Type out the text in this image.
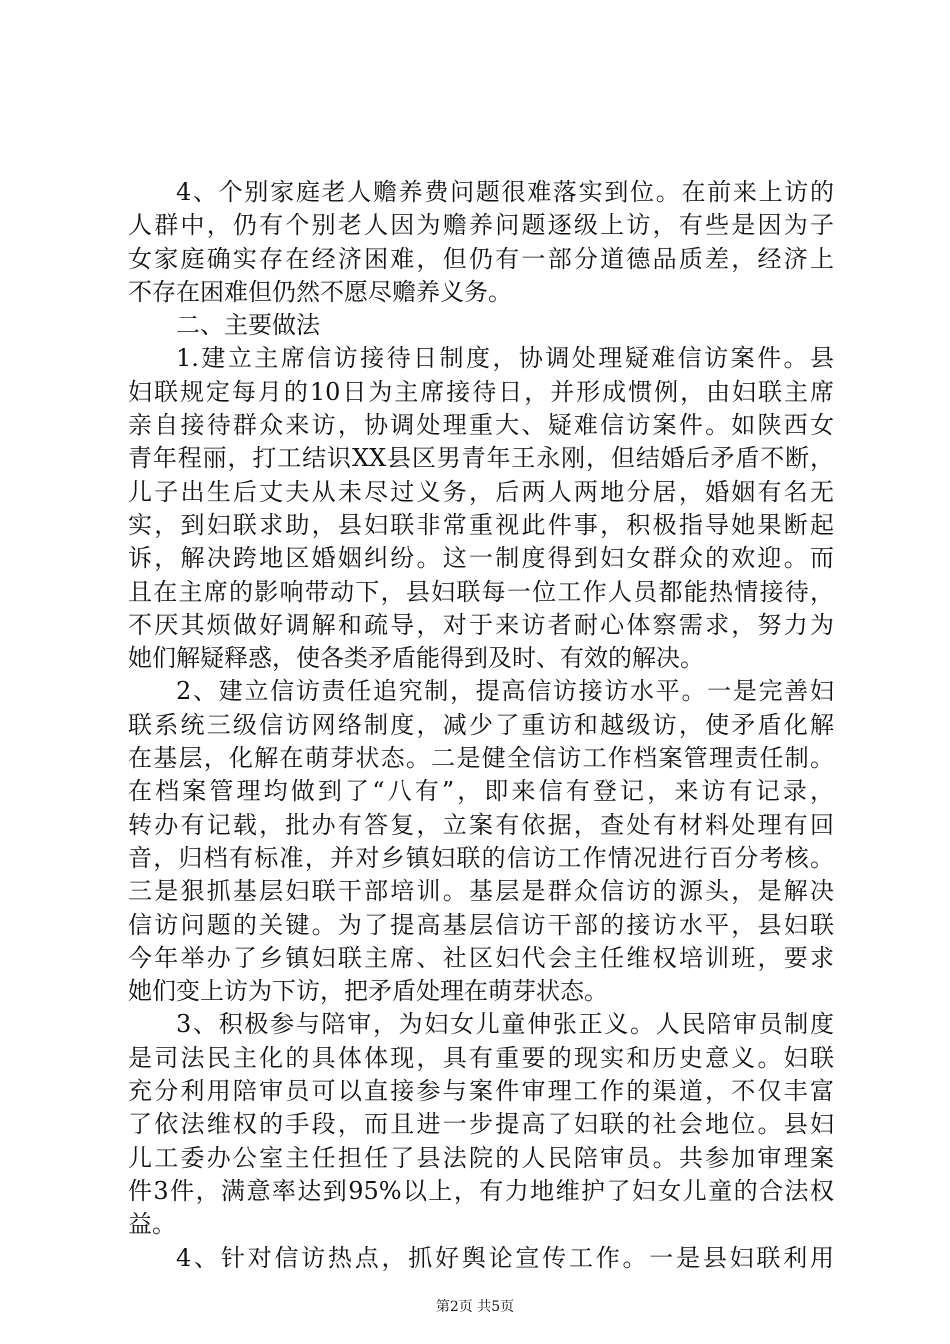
4、个别家庭老人赡养费问题很难落实到位。在前来上访的
人群中，仍有个别老人因为赡养问题逐级上访，有些是因为子
女家庭确实存在经济困难，但仍有一部分道德品质差，经济上
不存在困难但仍然不愿尽赡养义务。
二、主要做法
1.建立主席信访接待日制度，协调处理疑难信访案件。县
妇联规定每月的10日为主席接待日，并形成惯例，由妇联主席
亲自接待群众来访，协调处理重大、疑难信访案件。如陕西女
青年程丽，打工结识XX县区男青年王永刚，但结婚后矛盾不断，
儿子出生后丈夫从未尽过义务，后两人两地分居，婚姻有名无
实，到妇联求助，县妇联非常重视此件事，积极指导她果断起
诉，解决跨地区婚姻纠纷。这一制度得到妇女群众的欢迎。而
且在主席的影响带动下，县妇联每一位工作人员都能热情接待，
不厌其烦做好调解和疏导，对于来访者耐心体察需求，努力为
她们解疑释惑，使各类矛盾能得到及时、有效的解决。
2、建立信访责任追究制，提高信访接访水平。一是完善妇
联系统三级信访网络制度，减少了重访和越级访，使矛盾化解
在基层，化解在萌芽状态。二是健全信访工作档案管理责任制。
在档案管理均做到了“八有”，即来信有登记，来访有记录，
转办有记载，批办有答复，立案有依据，查处有材料处理有回
音，归档有标准，并对乡镇妇联的信访工作情况进行百分考核。
三是狠抓基层妇联干部培训。基层是群众信访的源头，是解决
信访问题的关键。为了提高基层信访干部的接访水平，县妇联
今年举办了乡镇妇联主席、社区妇代会主任维权培训班，要求
她们变上访为下访，把矛盾处理在萌芽状态。
3、积极参与陪审，为妇女儿童伸张正义。人民陪审员制度
是司法民主化的具体体现，具有重要的现实和历史意义。妇联
充分利用陪审员可以直接参与案件审理工作的渠道，不仅丰富
了依法维权的手段，而且进一步提高了妇联的社会地位。县妇
儿工委办公室主任担任了县法院的人民陪审员。共参加审理案
件3件，满意率达到95%以上，有力地维护了妇女儿童的合法权
益。
4、针对信访热点，抓好舆论宣传工作。一是县妇联利用
第2页 共5页
